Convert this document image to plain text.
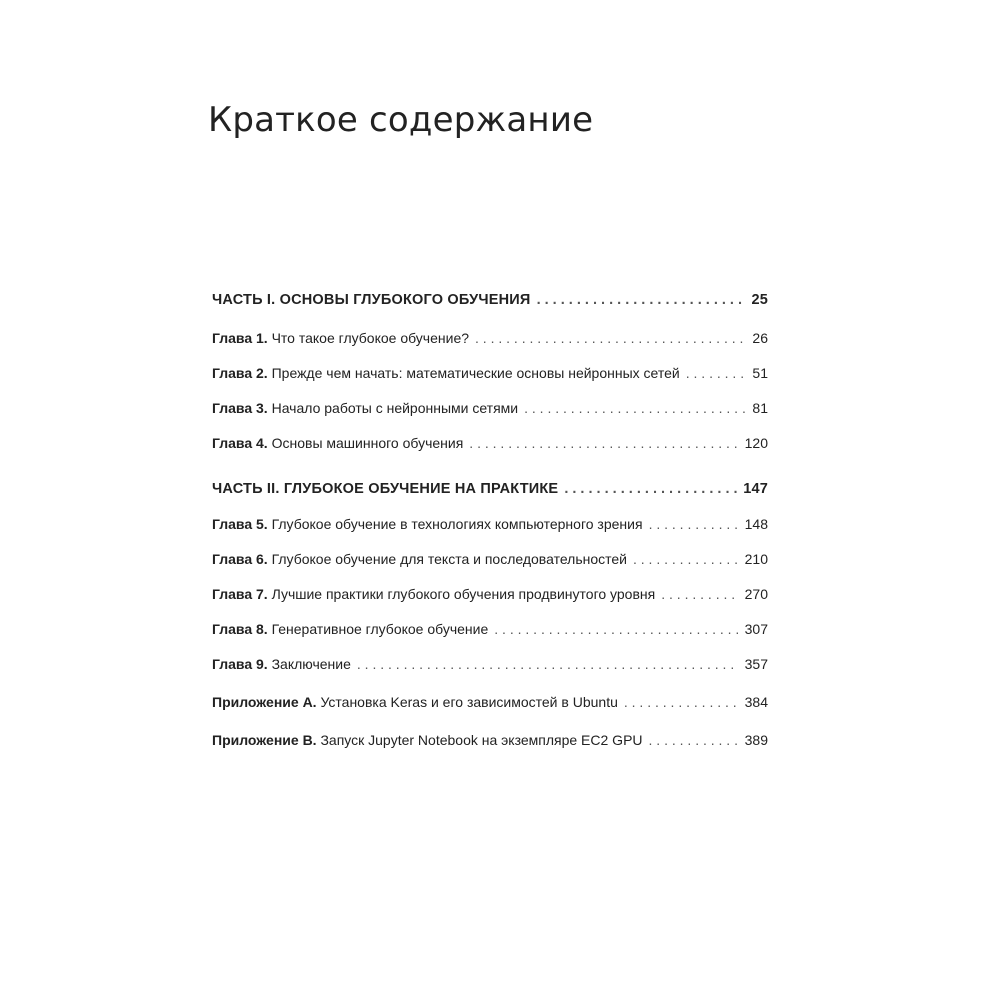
Краткое содержание
ЧАСТЬ I. ОСНОВЫ ГЛУБОКОГО ОБУЧЕНИЯ . . .	25
Глава 1. Что такое глубокое обучение? . . .	26
Глава 2. Прежде чем начать: математические основы нейронных сетей . . .	51
Глава 3. Начало работы с нейронными сетями . . .	81
Глава 4. Основы машинного обучения . . .	120
ЧАСТЬ II. ГЛУБОКОЕ ОБУЧЕНИЕ НА ПРАКТИКЕ . . .	147
Глава 5. Глубокое обучение в технологиях компьютерного зрения . . .	148
Глава 6. Глубокое обучение для текста и последовательностей . . .	210
Глава 7. Лучшие практики глубокого обучения продвинутого уровня . . .	270
Глава 8. Генеративное глубокое обучение . . .	307
Глава 9. Заключение . . .	357
Приложение А. Установка Keras и его зависимостей в Ubuntu . . .	384
Приложение В. Запуск Jupyter Notebook на экземпляре EC2 GPU . . .	389
